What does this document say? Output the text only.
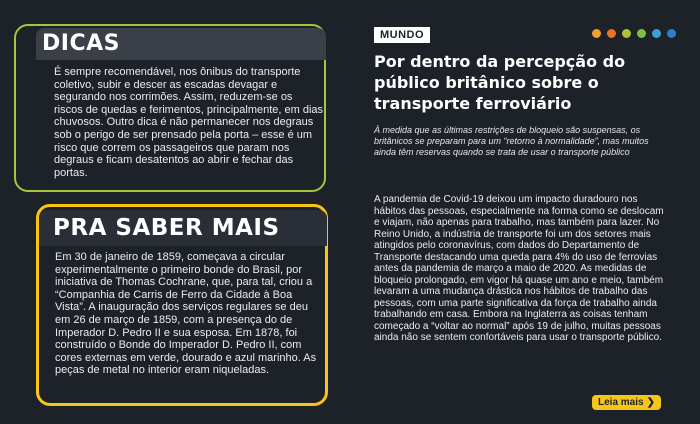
DICAS
É sempre recomendável, nos ônibus do transporte coletivo, subir e descer as escadas devagar e segurando nos corrimões. Assim, reduzem-se os riscos de quedas e ferimentos, principalmente, em dias chuvosos. Outro dica é não permanecer nos degraus sob o perigo de ser prensado pela porta – esse é um risco que correm os passageiros que param nos degraus e ficam desatentos ao abrir e fechar das portas.
PRA SABER MAIS
Em 30 de janeiro de 1859, começava a circular experimentalmente o primeiro bonde do Brasil, por iniciativa de Thomas Cochrane, que, para tal, criou a “Companhia de Carris de Ferro da Cidade à Boa Vista”. A inauguração dos serviços regulares se deu em 26 de março de 1859, com a presença do de Imperador D. Pedro II e sua esposa. Em 1878, foi construído o Bonde do Imperador D. Pedro II, com cores externas em verde, dourado e azul marinho. As peças de metal no interior eram niqueladas.
MUNDO
Por dentro da percepção do público britânico sobre o transporte ferroviário

À medida que as últimas restrições de bloqueio são suspensas, os britânicos se preparam para um “retorno à normalidade”, mas muitos ainda têm reservas quando se trata de usar o transporte público

A pandemia de Covid-19 deixou um impacto duradouro nos hábitos das pessoas, especialmente na forma como se deslocam e viajam, não apenas para trabalho, mas também para lazer. No Reino Unido, a indústria de transporte foi um dos setores mais atingidos pelo coronavírus, com dados do Departamento de Transporte destacando uma queda para 4% do uso de ferrovias antes da pandemia de março a maio de 2020. As medidas de bloqueio prolongado, em vigor há quase um ano e meio, também levaram a uma mudança drástica nos hábitos de trabalho das pessoas, com uma parte significativa da força de trabalho ainda trabalhando em casa. Embora na Inglaterra as coisas tenham começado a “voltar ao normal” após 19 de julho, muitas pessoas ainda não se sentem confortáveis para usar o transporte público.

Leia mais ❯
